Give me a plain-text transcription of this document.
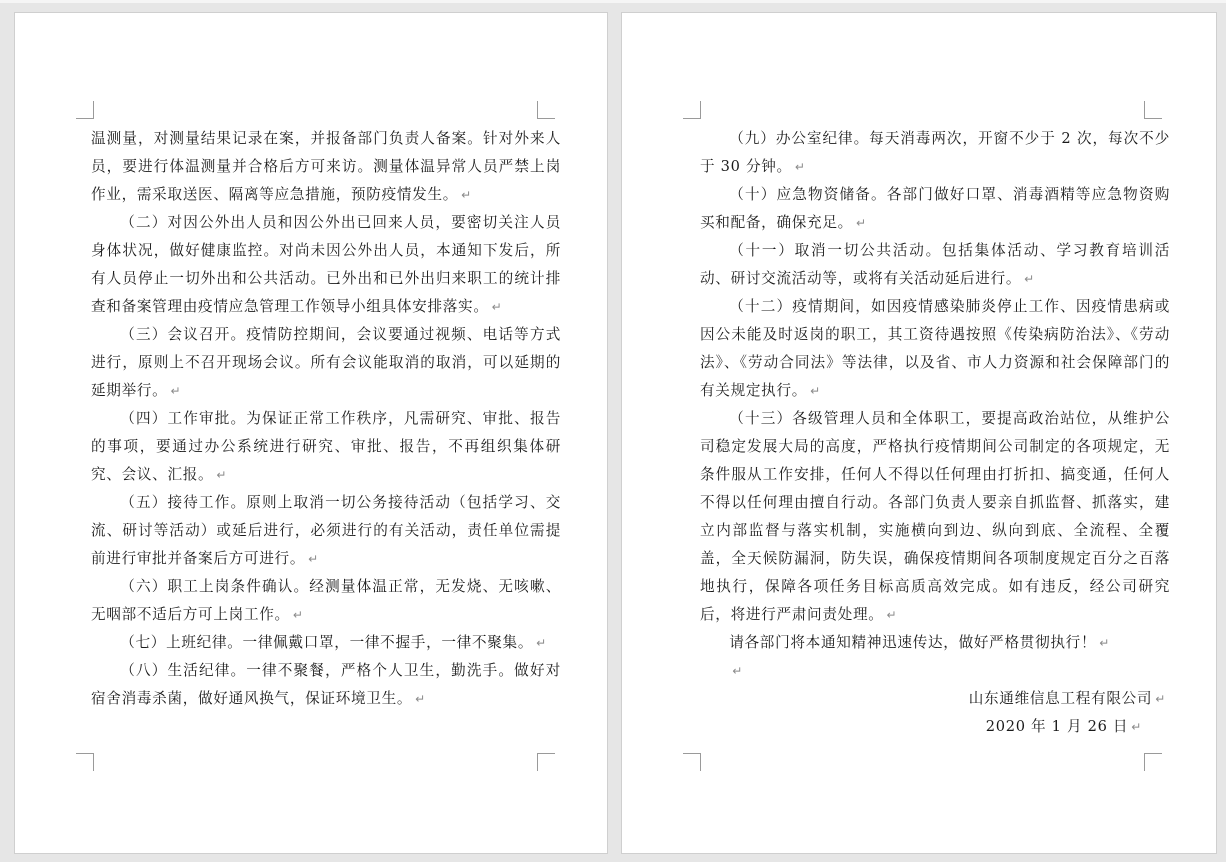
温测量，对测量结果记录在案，并报备部门负责人备案。针对外来人员，要进行体温测量并合格后方可来访。测量体温异常人员严禁上岗作业，需采取送医、隔离等应急措施，预防疫情发生。 ↵

（二）对因公外出人员和因公外出已回来人员，要密切关注人员身体状况，做好健康监控。对尚未因公外出人员，本通知下发后，所有人员停止一切外出和公共活动。已外出和已外出归来职工的统计排查和备案管理由疫情应急管理工作领导小组具体安排落实。 ↵

（三）会议召开。疫情防控期间，会议要通过视频、电话等方式进行，原则上不召开现场会议。所有会议能取消的取消，可以延期的延期举行。 ↵

（四）工作审批。为保证正常工作秩序，凡需研究、审批、报告的事项，要通过办公系统进行研究、审批、报告，不再组织集体研究、会议、汇报。 ↵

（五）接待工作。原则上取消一切公务接待活动（包括学习、交流、研讨等活动）或延后进行，必须进行的有关活动，责任单位需提前进行审批并备案后方可进行。 ↵

（六）职工上岗条件确认。经测量体温正常，无发烧、无咳嗽、无咽部不适后方可上岗工作。 ↵

（七）上班纪律。一律佩戴口罩，一律不握手，一律不聚集。 ↵

（八）生活纪律。一律不聚餐，严格个人卫生，勤洗手。做好对宿舍消毒杀菌，做好通风换气，保证环境卫生。 ↵

（九）办公室纪律。每天消毒两次，开窗不少于 2 次，每次不少于 30 分钟。 ↵

（十）应急物资储备。各部门做好口罩、消毒酒精等应急物资购买和配备，确保充足。 ↵

（十一）取消一切公共活动。包括集体活动、学习教育培训活动、研讨交流活动等，或将有关活动延后进行。 ↵

（十二）疫情期间，如因疫情感染肺炎停止工作、因疫情患病或因公未能及时返岗的职工，其工资待遇按照《传染病防治法》、《劳动法》、《劳动合同法》等法律，以及省、市人力资源和社会保障部门的有关规定执行。 ↵

（十三）各级管理人员和全体职工，要提高政治站位，从维护公司稳定发展大局的高度，严格执行疫情期间公司制定的各项规定，无条件服从工作安排，任何人不得以任何理由打折扣、搞变通，任何人不得以任何理由擅自行动。各部门负责人要亲自抓监督、抓落实，建立内部监督与落实机制，实施横向到边、纵向到底、全流程、全覆盖，全天候防漏洞，防失误，确保疫情期间各项制度规定百分之百落地执行，保障各项任务目标高质高效完成。如有违反，经公司研究后，将进行严肃问责处理。 ↵

请各部门将本通知精神迅速传达，做好严格贯彻执行！ ↵

↵

山东通维信息工程有限公司 ↵

2020 年 1 月 26 日 ↵
